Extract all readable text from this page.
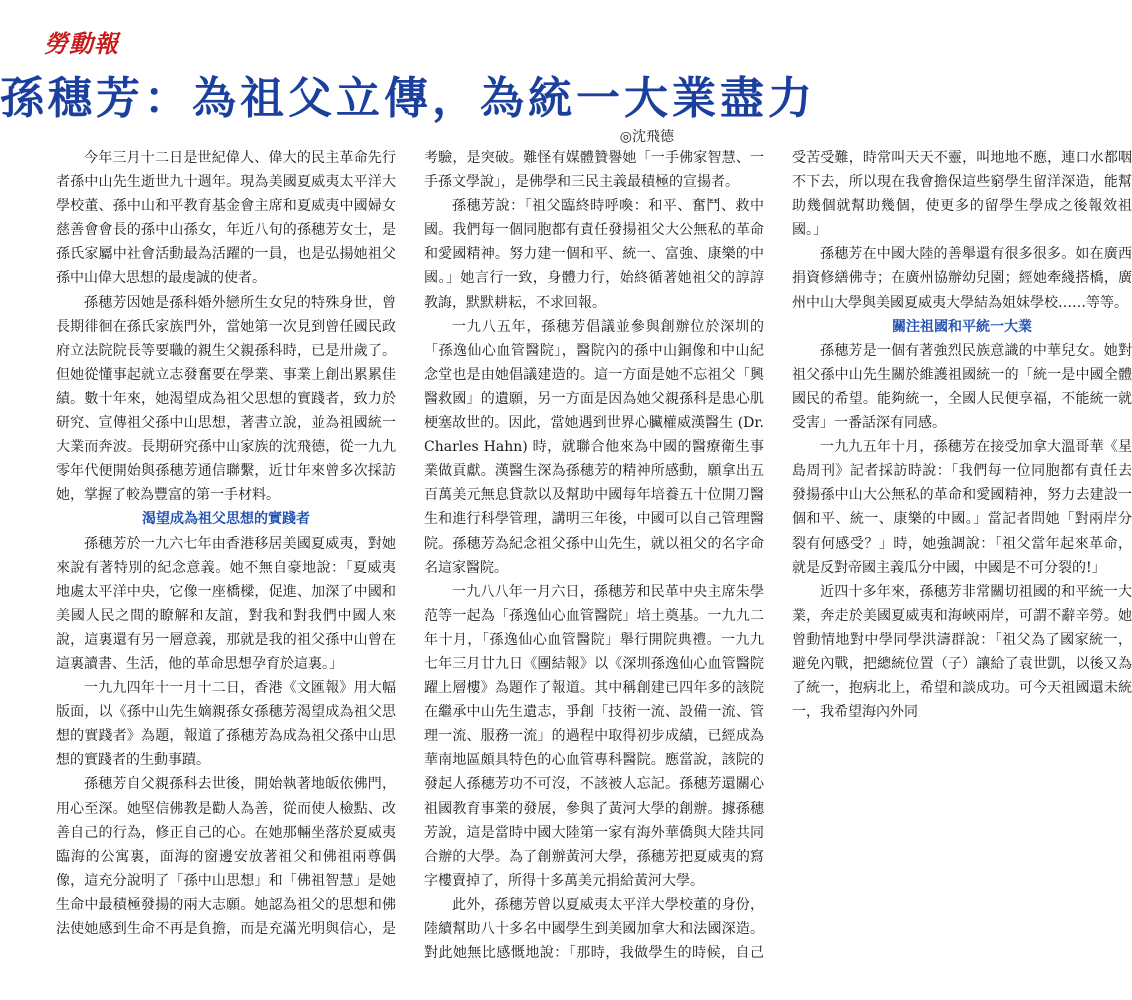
勞動報
孫穗芳：為祖父立傳，為統一大業盡力
◎沈飛德

今年三月十二日是世紀偉人、偉大的民主革命先行者孫中山先生逝世九十週年。現為美國夏威夷太平洋大學校董、孫中山和平教育基金會主席和夏威夷中國婦女慈善會會長的孫中山孫女，年近八旬的孫穗芳女士，是孫氏家屬中社會活動最為活躍的一員，也是弘揚她祖父孫中山偉大思想的最虔誠的使者。

孫穗芳因她是孫科婚外戀所生女兒的特殊身世，曾長期徘徊在孫氏家族門外，當她第一次見到曾任國民政府立法院院長等要職的親生父親孫科時，已是卅歲了。但她從懂事起就立志發奮要在學業、事業上創出累累佳績。數十年來，她渴望成為祖父思想的實踐者，致力於研究、宣傳祖父孫中山思想，著書立說，並為祖國統一大業而奔波。長期研究孫中山家族的沈飛德，從一九九零年代便開始與孫穗芳通信聯繫，近廿年來曾多次採訪她，掌握了較為豐富的第一手材料。

渴望成為祖父思想的實踐者

孫穗芳於一九六七年由香港移居美國夏威夷，對她來說有著特別的紀念意義。她不無自豪地說：「夏威夷地處太平洋中央，它像一座橋樑，促進、加深了中國和美國人民之間的瞭解和友誼，對我和對我們中國人來說，這裏還有另一層意義，那就是我的祖父孫中山曾在這裏讀書、生活，他的革命思想孕育於這裏。」

一九九四年十一月十二日，香港《文匯報》用大幅版面，以《孫中山先生嫡親孫女孫穗芳渴望成為祖父思想的實踐者》為題，報道了孫穗芳為成為祖父孫中山思想的實踐者的生動事蹟。

孫穗芳自父親孫科去世後，開始執著地皈依佛門，用心至深。她堅信佛教是勸人為善，從而使人檢點、改善自己的行為，修正自己的心。在她那輛坐落於夏威夷臨海的公寓裏，面海的窗邊安放著祖父和佛祖兩尊偶像，這充分說明了「孫中山思想」和「佛祖智慧」是她生命中最積極發揚的兩大志願。她認為祖父的思想和佛法使她感到生命不再是負擔，而是充滿光明與信心，是考驗，是突破。難怪有媒體贊譽她「一手佛家智慧、一手孫文學說」，是佛學和三民主義最積極的宣揚者。

孫穗芳說：「祖父臨終時呼喚：和平、奮鬥、救中國。我們每一個同胞都有責任發揚祖父大公無私的革命和愛國精神。努力建一個和平、統一、富強、康樂的中國。」她言行一致，身體力行，始終循著她祖父的諄諄教誨，默默耕耘，不求回報。

一九八五年，孫穗芳倡議並參與創辦位於深圳的「孫逸仙心血管醫院」，醫院內的孫中山銅像和中山紀念堂也是由她倡議建造的。這一方面是她不忘祖父「興醫救國」的遺願，另一方面是因為她父親孫科是患心肌梗塞故世的。因此，當她遇到世界心臟權威漢醫生 (Dr. Charles Hahn) 時，就聯合他來為中國的醫療衛生事業做貢獻。漢醫生深為孫穗芳的精神所感動，願拿出五百萬美元無息貸款以及幫助中國每年培養五十位開刀醫生和進行科學管理，講明三年後，中國可以自己管理醫院。孫穗芳為紀念祖父孫中山先生，就以祖父的名字命名這家醫院。

一九八八年一月六日，孫穗芳和民革中央主席朱學范等一起為「孫逸仙心血管醫院」培土奠基。一九九二年十月，「孫逸仙心血管醫院」舉行開院典禮。一九九七年三月廿九日《團結報》以《深圳孫逸仙心血管醫院躍上層樓》為題作了報道。其中稱創建已四年多的該院在繼承中山先生遺志，爭創「技術一流、設備一流、管理一流、服務一流」的過程中取得初步成績，已經成為華南地區頗具特色的心血管專科醫院。應當說，該院的發起人孫穗芳功不可沒，不該被人忘記。孫穗芳還關心祖國教育事業的發展，參與了黃河大學的創辦。據孫穗芳說，這是當時中國大陸第一家有海外華僑與大陸共同合辦的大學。為了創辦黃河大學，孫穗芳把夏威夷的寫字樓賣掉了，所得十多萬美元捐給黃河大學。

此外，孫穗芳曾以夏威夷太平洋大學校董的身份，陸續幫助八十多名中國學生到美國加拿大和法國深造。對此她無比感慨地說：「那時，我做學生的時候，自己受苦受難，時常叫天天不靈，叫地地不應，連口水都咽不下去，所以現在我會擔保這些窮學生留洋深造，能幫助幾個就幫助幾個，使更多的留學生學成之後報效祖國。」

孫穗芳在中國大陸的善舉還有很多很多。如在廣西捐資修繕佛寺；在廣州協辦幼兒園；經她牽綫搭橋，廣州中山大學與美國夏威夷大學結為姐妹學校……等等。

關注祖國和平統一大業

孫穗芳是一個有著強烈民族意識的中華兒女。她對祖父孫中山先生關於維護祖國統一的「統一是中國全體國民的希望。能夠統一，全國人民便享福，不能統一就受害」一番話深有同感。

一九九五年十月，孫穗芳在接受加拿大溫哥華《星島周刊》記者採訪時說：「我們每一位同胞都有責任去發揚孫中山大公無私的革命和愛國精神，努力去建設一個和平、統一、康樂的中國。」當記者問她「對兩岸分裂有何感受？」時，她強調說：「祖父當年起來革命，就是反對帝國主義瓜分中國，中國是不可分裂的!」

近四十多年來，孫穗芳非常關切祖國的和平統一大業，奔走於美國夏威夷和海峽兩岸，可謂不辭辛勞。她曾動情地對中學同學洪濤群說：「祖父為了國家統一，避免內戰，把總統位置（子）讓給了袁世凱，以後又為了統一，抱病北上，希望和談成功。可今天祖國還未統一，我希望海內外同
